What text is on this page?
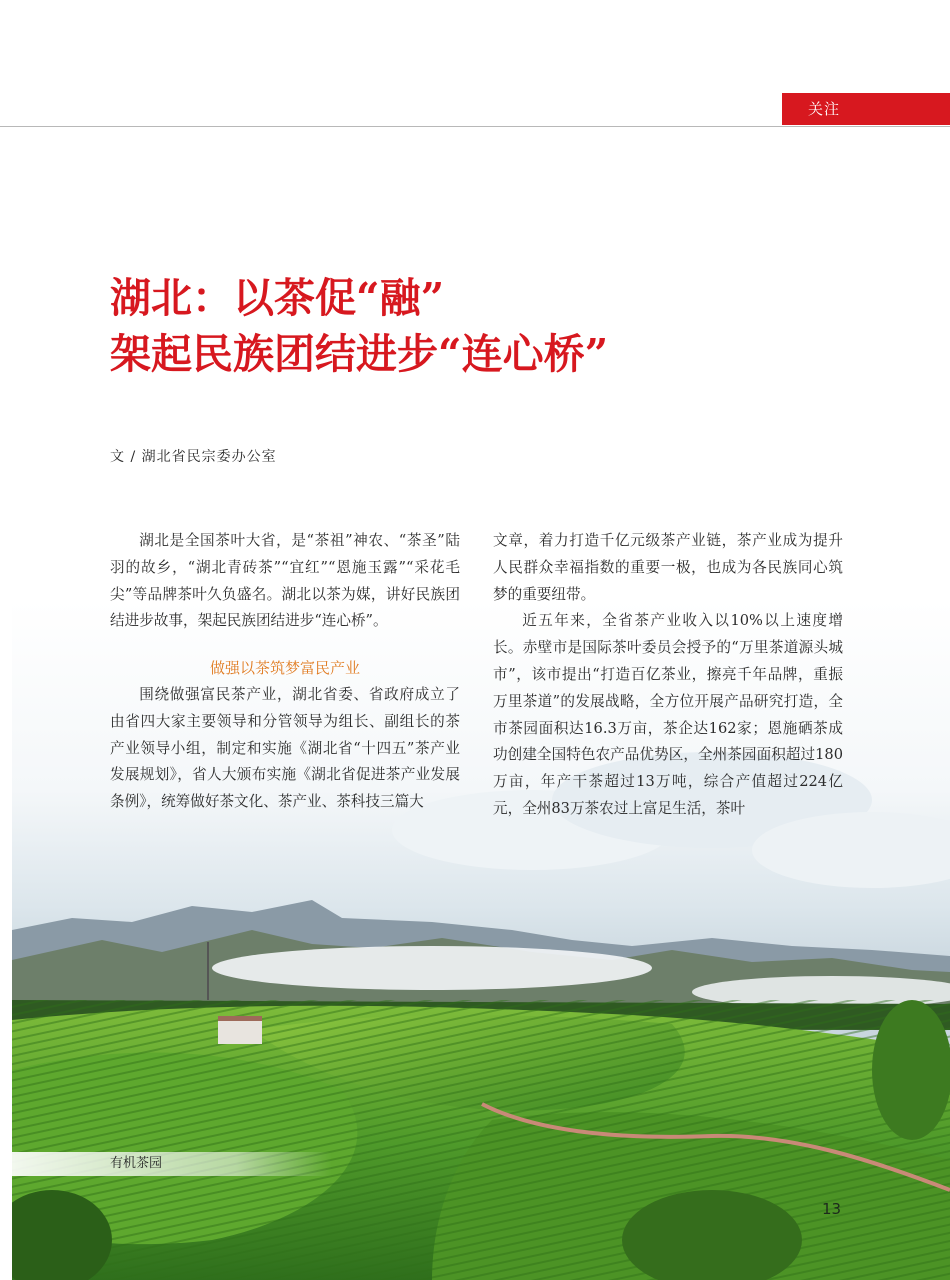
关注
湖北：以茶促“融”
架起民族团结进步“连心桥”
文 / 湖北省民宗委办公室

湖北是全国茶叶大省，是“茶祖”神农、“茶圣”陆羽的故乡，“湖北青砖茶”“宜红”“恩施玉露”“采花毛尖”等品牌茶叶久负盛名。湖北以茶为媒，讲好民族团结进步故事，架起民族团结进步“连心桥”。

做强以茶筑梦富民产业

围绕做强富民茶产业，湖北省委、省政府成立了由省四大家主要领导和分管领导为组长、副组长的茶产业领导小组，制定和实施《湖北省“十四五”茶产业发展规划》，省人大颁布实施《湖北省促进茶产业发展条例》，统筹做好茶文化、茶产业、茶科技三篇大

文章，着力打造千亿元级茶产业链，茶产业成为提升人民群众幸福指数的重要一极，也成为各民族同心筑梦的重要纽带。

近五年来，全省茶产业收入以10%以上速度增长。赤壁市是国际茶叶委员会授予的“万里茶道源头城市”，该市提出“打造百亿茶业，擦亮千年品牌，重振万里茶道”的发展战略，全方位开展产品研究打造，全市茶园面积达16.3万亩，茶企达162家；恩施硒茶成功创建全国特色农产品优势区，全州茶园面积超过180万亩，年产干茶超过13万吨，综合产值超过224亿元，全州83万茶农过上富足生活，茶叶

有机茶园
13
